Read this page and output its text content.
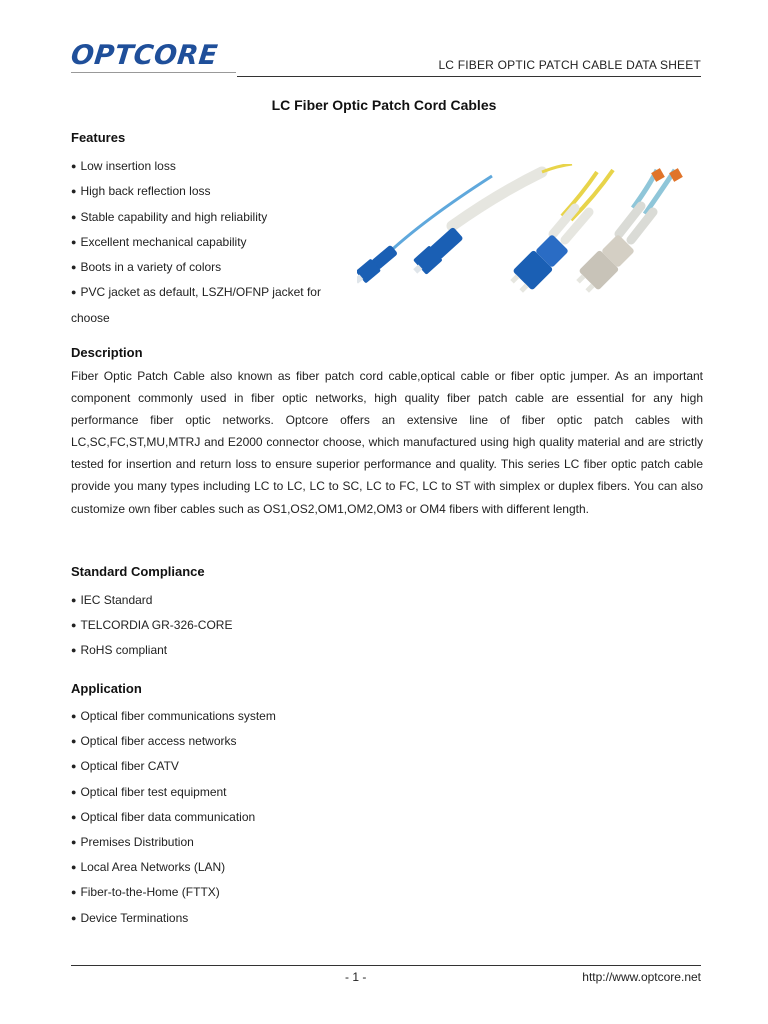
OPTCORE	LC FIBER OPTIC PATCH CABLE DATA SHEET
LC Fiber Optic Patch Cord Cables
Features
● Low insertion loss
● High back reflection loss
● Stable capability and high reliability
● Excellent mechanical capability
● Boots in a variety of colors
● PVC jacket as default, LSZH/OFNP jacket for choose
Description

Fiber Optic Patch Cable also known as fiber patch cord cable,optical cable or fiber optic jumper. As an important component commonly used in fiber optic networks, high quality fiber patch cable are essential for any high performance fiber optic networks. Optcore offers an extensive line of fiber optic patch cables with LC,SC,FC,ST,MU,MTRJ and E2000 connector choose, which manufactured using high quality material and are strictly tested for insertion and return loss to ensure superior performance and quality. This series LC fiber optic patch cable provide you many types including LC to LC, LC to SC, LC to FC, LC to ST with simplex or duplex fibers. You can also customize own fiber cables such as OS1,OS2,OM1,OM2,OM3 or OM4 fibers with different length.

Standard Compliance
● IEC Standard
● TELCORDIA GR-326-CORE
● RoHS compliant
Application
● Optical fiber communications system
● Optical fiber access networks
● Optical fiber CATV
● Optical fiber test equipment
● Optical fiber data communication
● Premises Distribution
● Local Area Networks (LAN)
● Fiber-to-the-Home (FTTX)
● Device Terminations
- 1 -	http://www.optcore.net
